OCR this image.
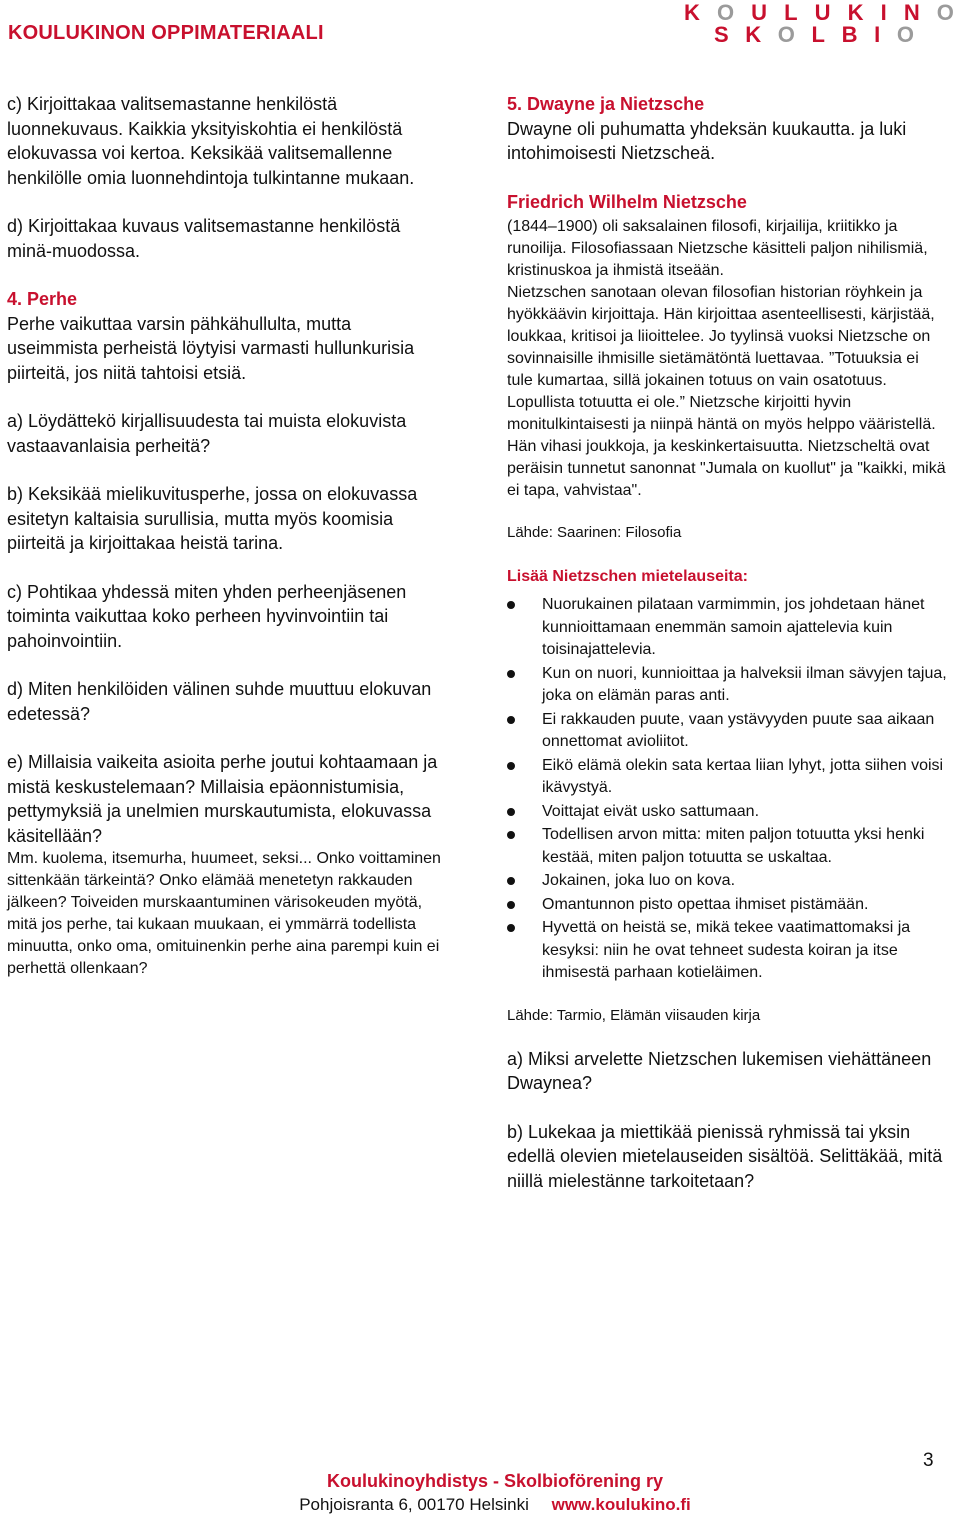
KOULUKINON OPPIMATERIAALI
K O U L U K I N O
S K O L B I O

c) Kirjoittakaa valitsemastanne henkilöstä luonnekuvaus. Kaikkia yksityiskohtia ei henkilöstä elokuvassa voi kertoa. Keksikää valitsemallenne henkilölle omia luonnehdintoja tulkintanne mukaan.

d) Kirjoittakaa kuvaus valitsemastanne henkilöstä minä-muodossa.

4. Perhe

Perhe vaikuttaa varsin pähkähullulta, mutta useimmista perheistä löytyisi varmasti hullunkurisia piirteitä, jos niitä tahtoisi etsiä.

a) Löydättekö kirjallisuudesta tai muista elokuvista vastaavanlaisia perheitä?

b) Keksikää mielikuvitusperhe, jossa on elokuvassa esitetyn kaltaisia surullisia, mutta myös koomisia piirteitä ja kirjoittakaa heistä tarina.

c) Pohtikaa yhdessä miten yhden perheenjäsenen toiminta vaikuttaa koko perheen hyvinvointiin tai pahoinvointiin.

d) Miten henkilöiden välinen suhde muuttuu elokuvan edetessä?

e) Millaisia vaikeita asioita perhe joutui kohtaamaan ja mistä keskustelemaan? Millaisia epäonnistumisia, pettymyksiä ja unelmien murskautumista, elokuvassa käsitellään?

Mm. kuolema, itsemurha, huumeet, seksi... Onko voittaminen sittenkään tärkeintä? Onko elämää menetetyn rakkauden jälkeen? Toiveiden murskaantuminen värisokeuden myötä, mitä jos perhe, tai kukaan muukaan, ei ymmärrä todellista minuutta, onko oma, omituinenkin perhe aina parempi kuin ei perhettä ollenkaan?

5. Dwayne ja Nietzsche

Dwayne oli puhumatta yhdeksän kuukautta. ja luki intohimoisesti Nietzscheä.

Friedrich Wilhelm Nietzsche

(1844–1900) oli saksalainen filosofi, kirjailija, kriitikko ja runoilija. Filosofiassaan Nietzsche käsitteli paljon nihilismiä, kristinuskoa ja ihmistä itseään.

Nietzschen sanotaan olevan filosofian historian röyhkein ja hyökkäävin kirjoittaja. Hän kirjoittaa asenteellisesti, kärjistää, loukkaa, kritisoi ja liioittelee. Jo tyylinsä vuoksi Nietzsche on sovinnaisille ihmisille sietämätöntä luettavaa. ”Totuuksia ei tule kumartaa, sillä jokainen totuus on vain osatotuus. Lopullista totuutta ei ole.” Nietzsche kirjoitti hyvin monitulkintaisesti ja niinpä häntä on myös helppo vääristellä. Hän vihasi joukkoja, ja keskinkertaisuutta. Nietzscheltä ovat peräisin tunnetut sanonnat "Jumala on kuollut" ja "kaikki, mikä ei tapa, vahvistaa".

Lähde: Saarinen: Filosofia

Lisää Nietzschen mietelauseita:

Nuorukainen pilataan varmimmin, jos johdetaan hänet kunnioittamaan enemmän samoin ajattelevia kuin toisinajattelevia.
Kun on nuori, kunnioittaa ja halveksii ilman sävyjen tajua, joka on elämän paras anti.
Ei rakkauden puute, vaan ystävyyden puute saa aikaan onnettomat avioliitot.
Eikö elämä olekin sata kertaa liian lyhyt, jotta siihen voisi ikävystyä.
Voittajat eivät usko sattumaan.
Todellisen arvon mitta: miten paljon totuutta yksi henki kestää, miten paljon totuutta se uskaltaa.
Jokainen, joka luo on kova.
Omantunnon pisto opettaa ihmiset pistämään.
Hyvettä on heistä se, mikä tekee vaatimattomaksi ja kesyksi: niin he ovat tehneet sudesta koiran ja itse ihmisestä parhaan kotieläimen.

Lähde: Tarmio, Elämän viisauden kirja

a) Miksi arvelette Nietzschen lukemisen viehättäneen Dwaynea?

b) Lukekaa ja miettikää pienissä ryhmissä tai yksin edellä olevien mietelauseiden sisältöä. Selittäkää, mitä niillä mielestänne tarkoitetaan?

3
Koulukinoyhdistys - Skolbioförening ry
Pohjoisranta 6, 00170 Helsinki www.koulukino.fi
